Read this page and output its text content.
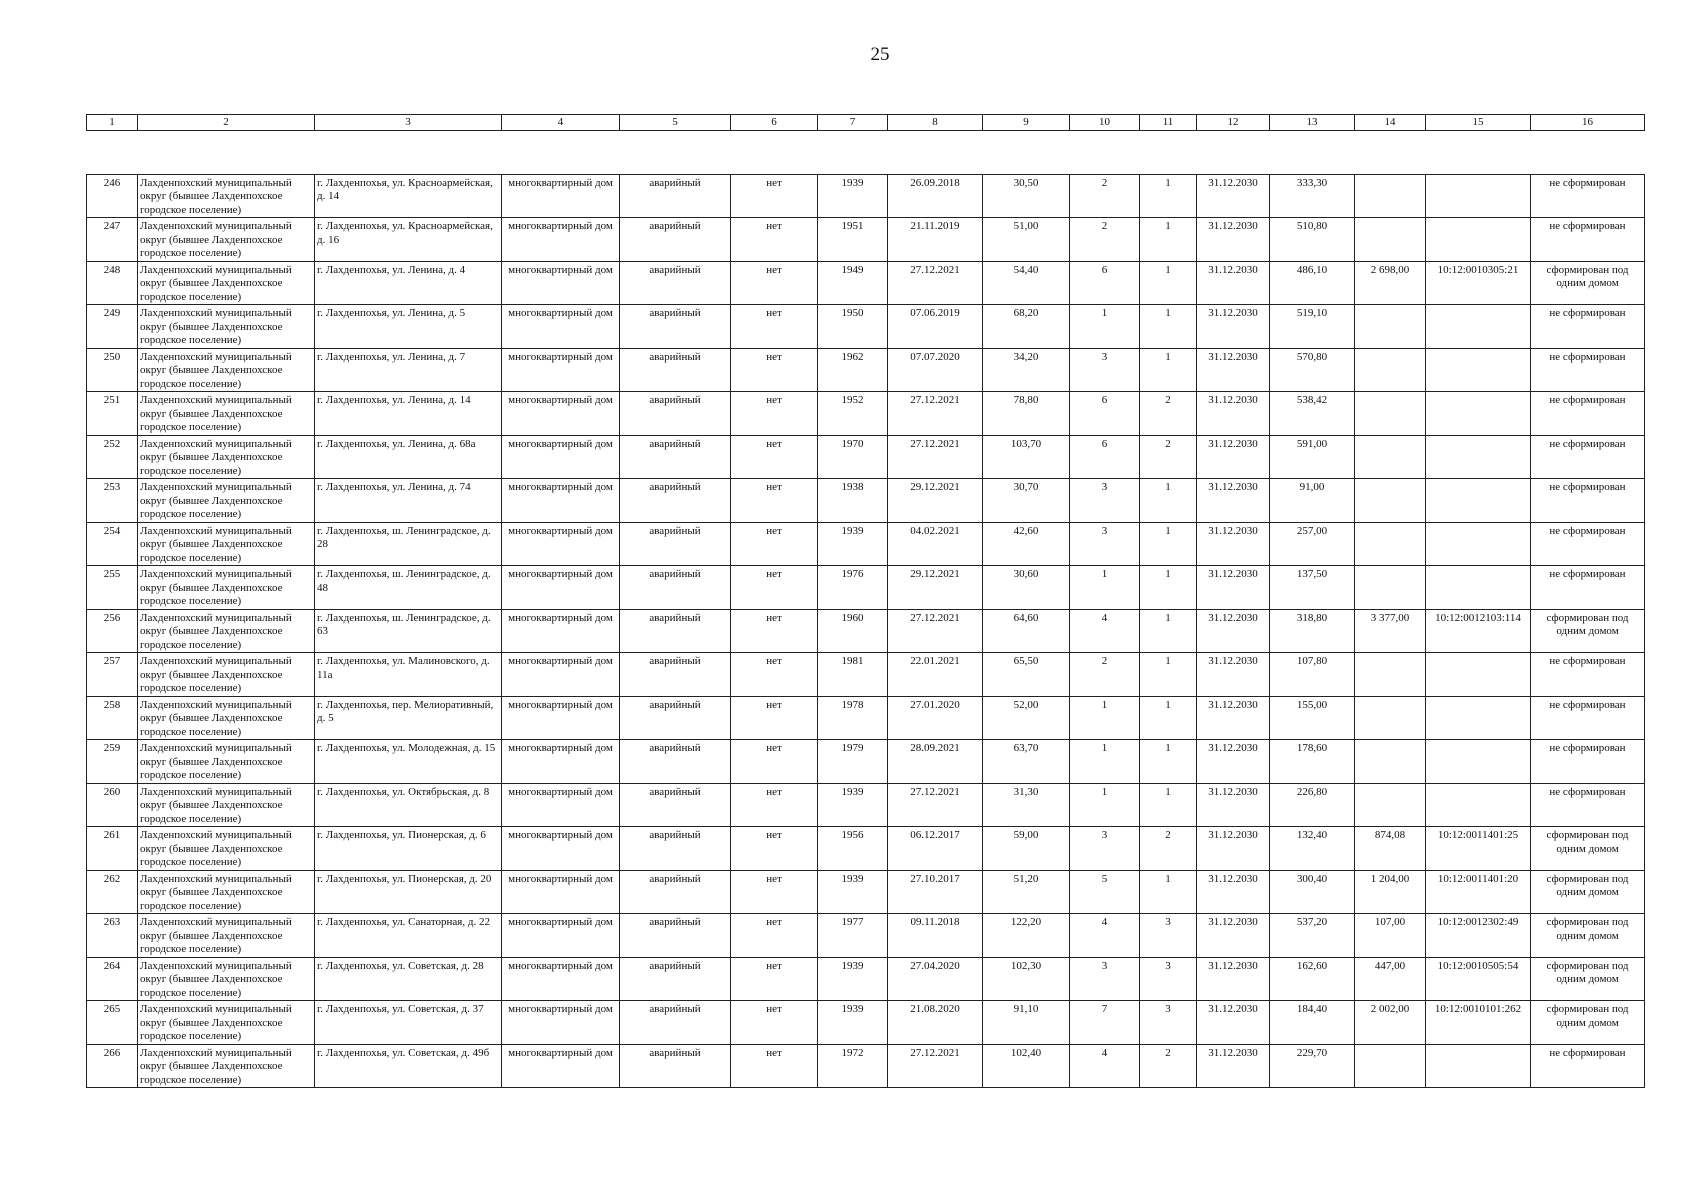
25
1	2	3	4	5	6	7	8	9	10	11	12	13	14	15	16

246	Лахденпохский муниципальный округ (бывшее Лахденпохское городское поселение)	г. Лахденпохья, ул. Красноармейская, д. 14	многоквартирный дом	аварийный	нет	1939	26.09.2018	30,50	2	1	31.12.2030	333,30			не сформирован
247	Лахденпохский муниципальный округ (бывшее Лахденпохское городское поселение)	г. Лахденпохья, ул. Красноармейская, д. 16	многоквартирный дом	аварийный	нет	1951	21.11.2019	51,00	2	1	31.12.2030	510,80			не сформирован
248	Лахденпохский муниципальный округ (бывшее Лахденпохское городское поселение)	г. Лахденпохья, ул. Ленина, д. 4	многоквартирный дом	аварийный	нет	1949	27.12.2021	54,40	6	1	31.12.2030	486,10	2 698,00	10:12:0010305:21	сформирован под одним домом
249	Лахденпохский муниципальный округ (бывшее Лахденпохское городское поселение)	г. Лахденпохья, ул. Ленина, д. 5	многоквартирный дом	аварийный	нет	1950	07.06.2019	68,20	1	1	31.12.2030	519,10			не сформирован
250	Лахденпохский муниципальный округ (бывшее Лахденпохское городское поселение)	г. Лахденпохья, ул. Ленина, д. 7	многоквартирный дом	аварийный	нет	1962	07.07.2020	34,20	3	1	31.12.2030	570,80			не сформирован
251	Лахденпохский муниципальный округ (бывшее Лахденпохское городское поселение)	г. Лахденпохья, ул. Ленина, д. 14	многоквартирный дом	аварийный	нет	1952	27.12.2021	78,80	6	2	31.12.2030	538,42			не сформирован
252	Лахденпохский муниципальный округ (бывшее Лахденпохское городское поселение)	г. Лахденпохья, ул. Ленина, д. 68а	многоквартирный дом	аварийный	нет	1970	27.12.2021	103,70	6	2	31.12.2030	591,00			не сформирован
253	Лахденпохский муниципальный округ (бывшее Лахденпохское городское поселение)	г. Лахденпохья, ул. Ленина, д. 74	многоквартирный дом	аварийный	нет	1938	29.12.2021	30,70	3	1	31.12.2030	91,00			не сформирован
254	Лахденпохский муниципальный округ (бывшее Лахденпохское городское поселение)	г. Лахденпохья, ш. Ленинградское, д. 28	многоквартирный дом	аварийный	нет	1939	04.02.2021	42,60	3	1	31.12.2030	257,00			не сформирован
255	Лахденпохский муниципальный округ (бывшее Лахденпохское городское поселение)	г. Лахденпохья, ш. Ленинградское, д. 48	многоквартирный дом	аварийный	нет	1976	29.12.2021	30,60	1	1	31.12.2030	137,50			не сформирован
256	Лахденпохский муниципальный округ (бывшее Лахденпохское городское поселение)	г. Лахденпохья, ш. Ленинградское, д. 63	многоквартирный дом	аварийный	нет	1960	27.12.2021	64,60	4	1	31.12.2030	318,80	3 377,00	10:12:0012103:114	сформирован под одним домом
257	Лахденпохский муниципальный округ (бывшее Лахденпохское городское поселение)	г. Лахденпохья, ул. Малиновского, д. 11а	многоквартирный дом	аварийный	нет	1981	22.01.2021	65,50	2	1	31.12.2030	107,80			не сформирован
258	Лахденпохский муниципальный округ (бывшее Лахденпохское городское поселение)	г. Лахденпохья, пер. Мелиоративный, д. 5	многоквартирный дом	аварийный	нет	1978	27.01.2020	52,00	1	1	31.12.2030	155,00			не сформирован
259	Лахденпохский муниципальный округ (бывшее Лахденпохское городское поселение)	г. Лахденпохья, ул. Молодежная, д. 15	многоквартирный дом	аварийный	нет	1979	28.09.2021	63,70	1	1	31.12.2030	178,60			не сформирован
260	Лахденпохский муниципальный округ (бывшее Лахденпохское городское поселение)	г. Лахденпохья, ул. Октябрьская, д. 8	многоквартирный дом	аварийный	нет	1939	27.12.2021	31,30	1	1	31.12.2030	226,80			не сформирован
261	Лахденпохский муниципальный округ (бывшее Лахденпохское городское поселение)	г. Лахденпохья, ул. Пионерская, д. 6	многоквартирный дом	аварийный	нет	1956	06.12.2017	59,00	3	2	31.12.2030	132,40	874,08	10:12:0011401:25	сформирован под одним домом
262	Лахденпохский муниципальный округ (бывшее Лахденпохское городское поселение)	г. Лахденпохья, ул. Пионерская, д. 20	многоквартирный дом	аварийный	нет	1939	27.10.2017	51,20	5	1	31.12.2030	300,40	1 204,00	10:12:0011401:20	сформирован под одним домом
263	Лахденпохский муниципальный округ (бывшее Лахденпохское городское поселение)	г. Лахденпохья, ул. Санаторная, д. 22	многоквартирный дом	аварийный	нет	1977	09.11.2018	122,20	4	3	31.12.2030	537,20	107,00	10:12:0012302:49	сформирован под одним домом
264	Лахденпохский муниципальный округ (бывшее Лахденпохское городское поселение)	г. Лахденпохья, ул. Советская, д. 28	многоквартирный дом	аварийный	нет	1939	27.04.2020	102,30	3	3	31.12.2030	162,60	447,00	10:12:0010505:54	сформирован под одним домом
265	Лахденпохский муниципальный округ (бывшее Лахденпохское городское поселение)	г. Лахденпохья, ул. Советская, д. 37	многоквартирный дом	аварийный	нет	1939	21.08.2020	91,10	7	3	31.12.2030	184,40	2 002,00	10:12:0010101:262	сформирован под одним домом
266	Лахденпохский муниципальный округ (бывшее Лахденпохское городское поселение)	г. Лахденпохья, ул. Советская, д. 49б	многоквартирный дом	аварийный	нет	1972	27.12.2021	102,40	4	2	31.12.2030	229,70			не сформирован
